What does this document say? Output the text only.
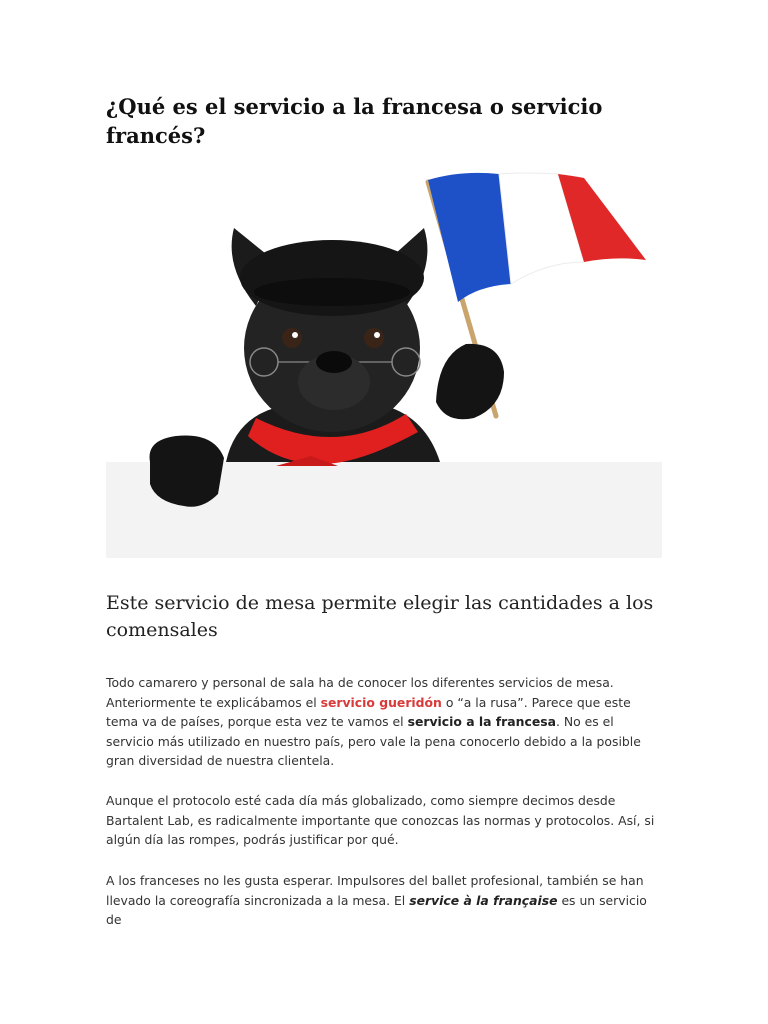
¿Qué es el servicio a la francesa o servicio francés?
Este servicio de mesa permite elegir las cantidades a los comensales

Todo camarero y personal de sala ha de conocer los diferentes servicios de mesa. Anteriormente te explicábamos el servicio gueridón o “a la rusa”. Parece que este tema va de países, porque esta vez te vamos el servicio a la francesa. No es el servicio más utilizado en nuestro país, pero vale la pena conocerlo debido a la posible gran diversidad de nuestra clientela.

Aunque el protocolo esté cada día más globalizado, como siempre decimos desde Bartalent Lab, es radicalmente importante que conozcas las normas y protocolos. Así, si algún día las rompes, podrás justificar por qué.

A los franceses no les gusta esperar. Impulsores del ballet profesional, también se han llevado la coreografía sincronizada a la mesa. El service à la française es un servicio de
